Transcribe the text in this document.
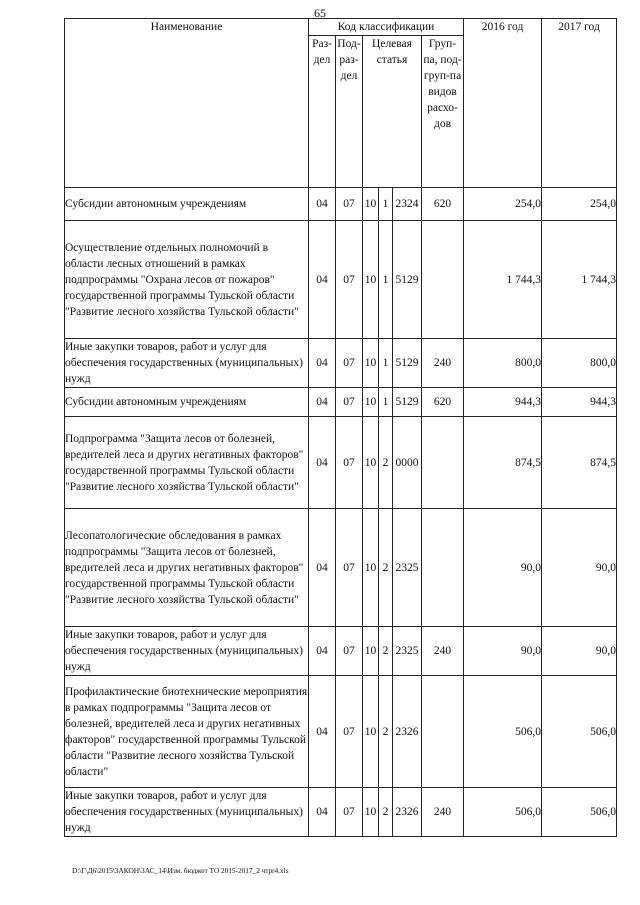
65
Наименование	Код классификации						2016 год	2017 год
	Раз-дел	Под-раз-дел	Целевая статья			Груп-па, под-груп-па видов расхо-дов		
Субсидии автономным учреждениям	04	07	10	1	2324	620	254,0	254,0
Осуществление отдельных полномочий в области лесных отношений в рамках подпрограммы "Охрана лесов от пожаров" государственной программы Тульской области "Развитие лесного хозяйства Тульской области"	04	07	10	1	5129		1 744,3	1 744,3
Иные закупки товаров, работ и услуг для обеспечения государственных (муниципальных) нужд	04	07	10	1	5129	240	800,0	800,0
Субсидии автономным учреждениям	04	07	10	1	5129	620	944,3	944,3
Подпрограмма "Защита лесов от болезней, вредителей леса и других негативных факторов" государственной программы Тульской области "Развитие лесного хозяйства Тульской области"	04	07	10	2	0000		874,5	874,5
Лесопатологические обследования в рамках подпрограммы "Защита лесов от болезней, вредителей леса и других негативных факторов" государственной программы Тульской области "Развитие лесного хозяйства Тульской области"	04	07	10	2	2325		90,0	90,0
Иные закупки товаров, работ и услуг для обеспечения государственных (муниципальных) нужд	04	07	10	2	2325	240	90,0	90,0
Профилактические биотехнические мероприятия в рамках подпрограммы "Защита лесов от болезней, вредителей леса и других негативных факторов" государственной программы Тульской области "Развитие лесного хозяйства Тульской области"	04	07	10	2	2326		506,0	506,0
Иные закупки товаров, работ и услуг для обеспечения государственных (муниципальных) нужд	04	07	10	2	2326	240	506,0	506,0
D:\Г\Д6\2015\ЗАКОН\ЗАС_14\Изм. бюджет ТО 2015-2017_2 чтpr4.xls
